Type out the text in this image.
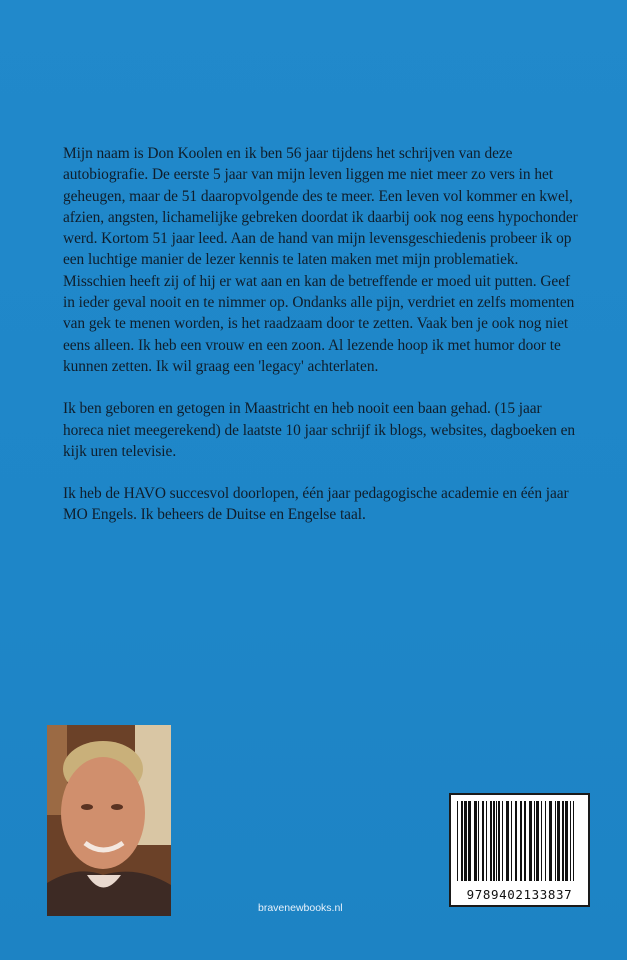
Mijn naam is Don Koolen en ik ben 56 jaar tijdens het schrijven van deze autobiografie. De eerste 5 jaar van mijn leven liggen me niet meer zo vers in het geheugen, maar de 51 daaropvolgende des te meer. Een leven vol kommer en kwel, afzien, angsten, lichamelijke gebreken doordat ik daarbij ook nog eens hypochonder werd. Kortom 51 jaar leed. Aan de hand van mijn levensgeschiedenis probeer ik op een luchtige manier de lezer kennis te laten maken met mijn problematiek. Misschien heeft zij of hij er wat aan en kan de betreffende er moed uit putten. Geef in ieder geval nooit en te nimmer op. Ondanks alle pijn, verdriet en zelfs momenten van gek te menen worden, is het raadzaam door te zetten. Vaak ben je ook nog niet eens alleen. Ik heb een vrouw en een zoon. Al lezende hoop ik met humor door te kunnen zetten. Ik wil graag een 'legacy' achterlaten.

Ik ben geboren en getogen in Maastricht en heb nooit een baan gehad. (15 jaar horeca niet meegerekend) de laatste 10 jaar schrijf ik blogs, websites, dagboeken en kijk uren televisie.

Ik heb de HAVO succesvol doorlopen, één jaar pedagogische academie en één jaar MO Engels. Ik beheers de Duitse en Engelse taal.

bravenewbooks.nl
9789402133837
